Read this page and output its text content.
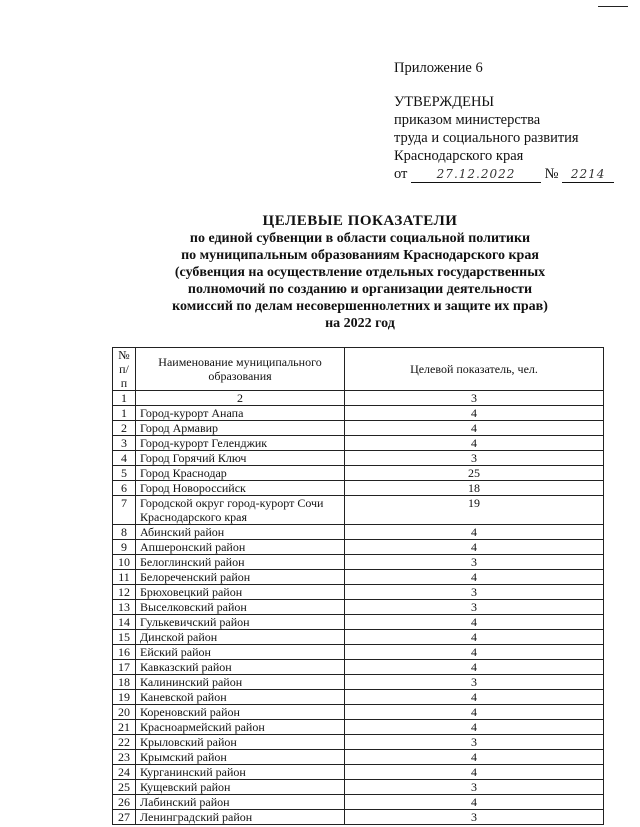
Приложение 6
УТВЕРЖДЕНЫ
приказом министерства
труда и социального развития
Краснодарского края
от 27.12.2022 № 2214
ЦЕЛЕВЫЕ ПОКАЗАТЕЛИ
по единой субвенции в области социальной политики
по муниципальным образованиям Краснодарского края
(субвенция на осуществление отдельных государственных
полномочий по созданию и организации деятельности
комиссий по делам несовершеннолетних и защите их прав)
на 2022 год
№ п/п	Наименование муниципального образования	Целевой показатель, чел.
1	2	3
1	Город-курорт Анапа	4
2	Город Армавир	4
3	Город-курорт Геленджик	4
4	Город Горячий Ключ	3
5	Город Краснодар	25
6	Город Новороссийск	18
7	Городской округ город-курорт Сочи Краснодарского края	19
8	Абинский район	4
9	Апшеронский район	4
10	Белоглинский район	3
11	Белореченский район	4
12	Брюховецкий район	3
13	Выселковский район	3
14	Гулькевичский район	4
15	Динской район	4
16	Ейский район	4
17	Кавказский район	4
18	Калининский район	3
19	Каневской район	4
20	Кореновский район	4
21	Красноармейский район	4
22	Крыловский район	3
23	Крымский район	4
24	Курганинский район	4
25	Кущевский район	3
26	Лабинский район	4
27	Ленинградский район	3
